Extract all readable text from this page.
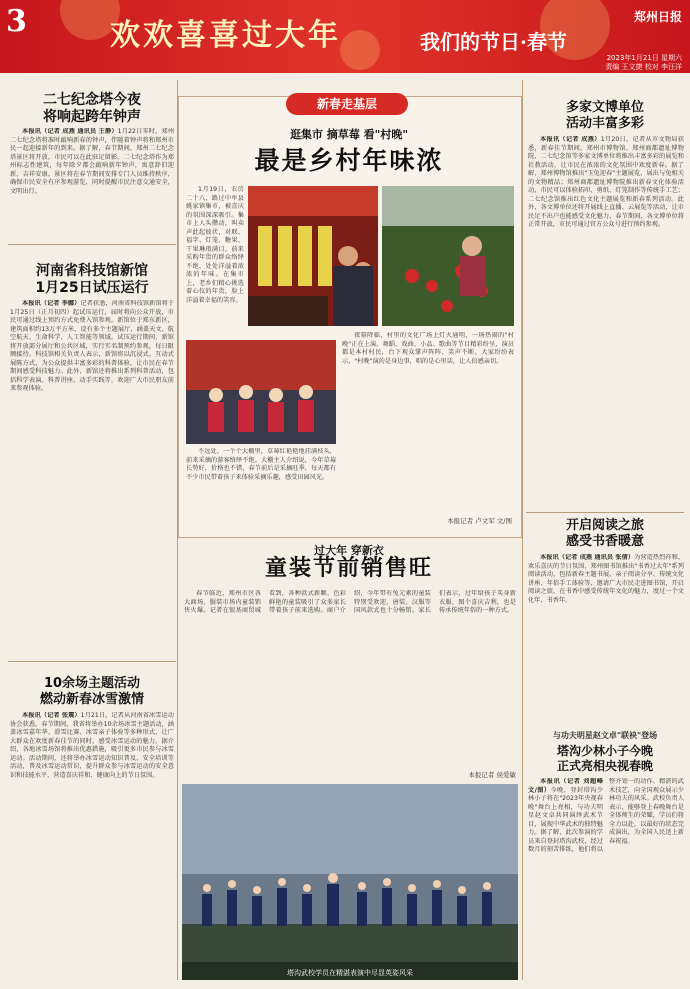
3	欢欢喜喜过大年	我们的节日·春节
郑州日报
2023年1月21日 星期六
责编 王文捷 校对 李汪洋
二七纪念塔今夜
将响起跨年钟声

本报讯（记者 成燕 通讯员 王静）1月22日零时，郑州二七纪念塔将准时敲响新春的钟声，伴随着钟声将和郑州市民一起迎接新年的到来。据了解，春节期间，郑州二七纪念塔景区将开放，市民可以在此驻足留影。二七纪念塔作为郑州标志性建筑，每年除夕都会敲响新年钟声，寓意辞旧迎新、吉祥安康。景区将在春节期间安排专门人员维持秩序，确保市民安全有序参观游览，同时提醒市民注意交通安全，文明出行。

河南省科技馆新馆
1月25日试压运行

本报讯（记者 李娜）记者获悉，河南省科技馆新馆将于1月25日（正月初四）起试压运行，届时将向公众开放，市民可通过线上预约方式免费入馆参观。新馆位于郑东新区，建筑面积约13万平方米，设有多个主题展厅，涵盖天文、航空航天、生命科学、人工智能等领域。试压运行期间，新馆将开放部分展厅和公共区域，实行实名制预约参观，每日限额接待。科技馆相关负责人表示，新馆将以沉浸式、互动式展陈方式，为公众提供丰富多彩的科普体验，让市民在春节期间感受科技魅力。此外，新馆还将推出系列科普活动，包括科学表演、科普讲座、动手实践等，欢迎广大市民朋友前来参观体验。

10余场主题活动
燃动新春冰雪激情

本报讯（记者 张震）1月21日，记者从河南省冰雪运动协会获悉，春节期间，我省将举办10余场冰雪主题活动，涵盖冰雪嘉年华、滑雪比赛、冰雪亲子体验等多种形式，让广大群众在欢度新春佳节的同时，感受冰雪运动的魅力。据介绍，各地冰雪场馆将推出优惠措施，吸引更多市民参与冰雪运动。活动期间，还将举办冰雪运动知识普及、安全培训等活动，普及冰雪运动常识，提升群众参与冰雪运动的安全意识和技能水平，营造喜庆祥和、健康向上的节日氛围。

新春走基层
逛集市 摘草莓 看"村晚"
最是乡村年味浓

1月19日，农历二十八，路过中牟县姚家镇集市，被喜庆的氛围深深吸引。集市上人头攒动，叫卖声此起彼伏，对联、福字、灯笼、糖果、干果琳琅满目，前来采购年货的群众络绎不绝，处处洋溢着浓浓的年味。在集市上，老乡们精心挑选着心仪的年货，脸上洋溢着幸福的笑容。

不远处，一个个大棚里，草莓红艳艳地挂满枝头，前来采摘的游客络绎不绝。大棚主人介绍说，今年草莓长势好，价格也不错，春节前后是采摘旺季，每天都有不少市民带着孩子来体验采摘乐趣，感受田园风光。

夜幕降临，村里的文化广场上灯火通明，一场热闹的"村晚"正在上演。舞蹈、戏曲、小品、歌曲等节目精彩纷呈，演员都是本村村民，台下观众掌声阵阵、笑声不断。大家纷纷表示，"村晚"演的是身边事，唱的是心里话，让人倍感亲切。

本报记者 卢文军 文/图
过大年 穿新衣
童装节前销售旺

春节临近，郑州市区各大商场、服装市场内童装销售火爆。记者在银基商贸城看到，各种款式新颖、色彩鲜艳的童装吸引了众多家长带着孩子前来选购。商户介绍，今年带有兔元素的童装特别受欢迎，唐装、汉服等国风款式也十分畅销。家长们表示，过年给孩子买身新衣服，图个喜庆吉利，也是传承传统年俗的一种方式。

本报记者 侯爱敏
塔沟武校学员在精湛表演中尽显英姿风采
多家文博单位
活动丰富多彩

本报讯（记者 成燕）1月20日，记者从市文物局获悉，新春佳节期间，郑州市博物馆、郑州商都遗址博物院、二七纪念馆等多家文博单位将推出丰富多彩的展览和社教活动，让市民在浓浓的文化氛围中欢度新春。据了解，郑州博物馆推出"玉兔迎春"主题展览，展出与兔相关的文物精品；郑州商都遗址博物院推出新春文化体验活动，市民可以体验拓印、剪纸、灯笼制作等传统手工艺；二七纪念馆推出红色文化主题展览和新春系列活动。此外，各文博单位还将开展线上直播、云展览等活动，让市民足不出户也能感受文化魅力。春节期间，各文博单位将正常开放，市民可通过官方公众号进行预约参观。

开启阅读之旅
感受书香暖意

本报讯（记者 成燕 通讯员 张倩）为营造热烈祥和、欢乐喜庆的节日氛围，郑州图书馆推出"书香过大年"系列阅读活动，包括新春主题书展、亲子阅读分享、传统文化讲座、年俗手工体验等，邀请广大市民走进图书馆，开启阅读之旅，在书香中感受传统年文化的魅力，度过一个文化年、书香年。

与功夫明星赵文卓"联袂"登场
塔沟少林小子今晚
正式亮相央视春晚

本报讯（记者 刘超峰 文/图）今晚，登封塔沟少林小子将在"2023年央视春晚"舞台上亮相，与功夫明星赵文卓共同演绎武术节目，展现中华武术的独特魅力。据了解，此次参演的学员来自登封塔沟武校，经过数月的刻苦排练，他们将以整齐划一的动作、精湛的武术技艺，向全国观众展示少林功夫的风采。武校负责人表示，能够登上春晚舞台是全体师生的荣耀，学员们将全力以赴，以最好的状态完成演出，为全国人民送上新春祝福。
